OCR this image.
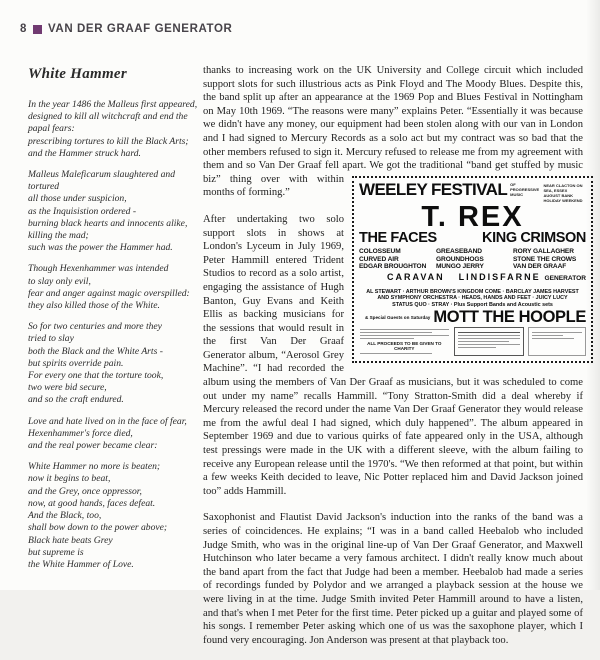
8 VAN DER GRAAF GENERATOR
White Hammer
In the year 1486 the Malleus first appeared,
designed to kill all witchcraft and end the
papal fears:
prescribing tortures to kill the Black Arts;
and the Hammer struck hard.
Malleus Maleficarum slaughtered and
tortured
all those under suspicion,
as the Inquisistion ordered -
burning black hearts and innocents alike,
killing the mad;
such was the power the Hammer had.
Though Hexenhammer was intended
to slay only evil,
fear and anger against magic overspilled:
they also killed those of the White.
So for two centuries and more they
tried to slay
both the Black and the White Arts -
but spirits override pain.
For every one that the torture took,
two were bid secure,
and so the craft endured.
Love and hate lived on in the face of fear,
Hexenhammer's force died,
and the real power became clear:
White Hammer no more is beaten;
now it begins to beat,
and the Grey, once oppressor,
now, at good hands, faces defeat.
And the Black, too,
shall bow down to the power above;
Black hate beats Grey
but supreme is
the White Hammer of Love.
thanks to increasing work on the UK University and College circuit which included support slots for such illustrious acts as Pink Floyd and The Moody Blues. Despite this, the band split up after an appearance at the 1969 Pop and Blues Festival in Nottingham on May 10th 1969. “The reasons were many” explains Peter. “Essentially it was because we didn't have any money, our equipment had been stolen along with our van in London and I had signed to Mercury Records as a solo act but my contract was so bad that the other members refused to sign it. Mercury refused to release me from my agreement with them and so Van Der Graaf fell apart. We got the traditional “band get
WEELEY FESTIVAL OF PROGRESSIVE MUSIC
NEAR CLACTON ON SEA, ESSEX
AUGUST BANK HOLIDAY WEEKEND
T. REX
THE FACES	KING CRIMSON
COLOSSEUM
CURVED AIR
EDGAR BROUGHTON
GREASEBAND
GROUNDHOGS
MUNGO JERRY
RORY GALLAGHER
STONE THE CROWS
VAN DER GRAAF
CARAVAN LINDISFARNE GENERATOR
AL STEWART · ARTHUR BROWN'S KINGDOM COME · BARCLAY JAMES HARVEST
AND SYMPHONY ORCHESTRA · HEADS, HANDS AND FEET · JUICY LUCY
STATUS QUO · STRAY · Plus Support Bands and Acoustic sets
& Special Guests on Saturday MOTT THE HOOPLE
ALL PROCEEDS TO BE GIVEN TO CHARITY
stuffed by music biz” thing over with within months of forming.”
After undertaking two solo support slots in shows at London's Lyceum in July 1969, Peter Hammill entered Trident Studios to record as a solo artist, engaging the assistance of Hugh Banton, Guy Evans and Keith Ellis as backing musicians for the sessions that would result in the first Van Der Graaf Generator album, “Aerosol Grey Machine”. “I had recorded the album using the members of Van Der Graaf as musicians, but it was scheduled to come out under my name” recalls Hammill. “Tony Stratton-Smith did a deal whereby if Mercury released the record under the name Van Der Graaf Generator they would release me from the awful deal I had signed, which duly happened”. The album appeared in September 1969 and due to various quirks of fate appeared only in the USA, although test pressings were made in the UK with a different sleeve, with the album failing to receive any European release until the 1970's. “We then reformed at that point, but within a few weeks Keith decided to leave, Nic Potter replaced him and David Jackson joined too” adds Hammill.
Saxophonist and Flautist David Jackson's induction into the ranks of the band was a series of coincidences. He explains; “I was in a band called Heebalob who included Judge Smith, who was in the original line-up of Van Der Graaf Generator, and Maxwell Hutchinson who later became a very famous architect. I didn't really know much about the band apart from the fact that Judge had been a member. Heebalob had made a series of recordings funded by Polydor and we arranged a playback session at the house we were living in at the time. Judge Smith invited Peter Hammill around to have a listen, and that's when I met Peter for the first time. Peter picked up a guitar and played some of his songs. I remember Peter asking which one of us was the saxophone player, which I found very encouraging. Jon Anderson was present at that playback too.
